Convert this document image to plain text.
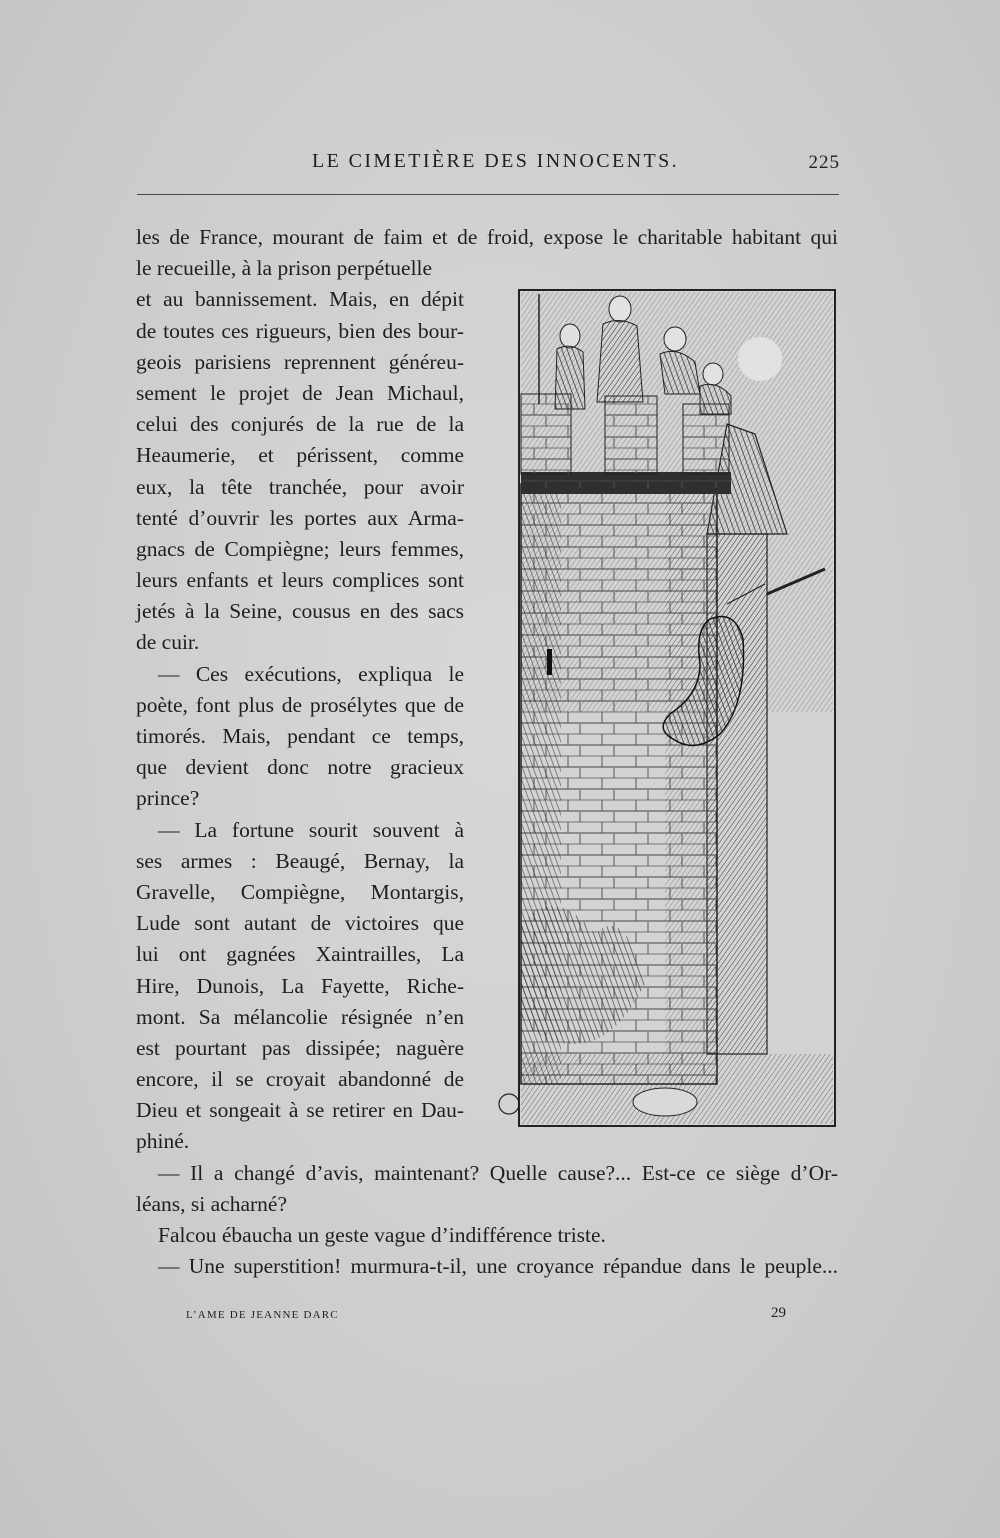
LE CIMETIÈRE DES INNOCENTS.	225
les de France, mourant de faim et de froid, expose le charitable habitant qui
le recueille, à la prison perpétuelle
et au bannissement. Mais, en dépit
de toutes ces rigueurs, bien des bour-
geois parisiens reprennent généreu-
sement le projet de Jean Michaul,
celui des conjurés de la rue de la
Heaumerie, et périssent, comme
eux, la tête tranchée, pour avoir
tenté d’ouvrir les portes aux Arma-
gnacs de Compiègne; leurs femmes,
leurs enfants et leurs complices sont
jetés à la Seine, cousus en des sacs
de cuir.
— Ces exécutions, expliqua le
poète, font plus de prosélytes que de
timorés. Mais, pendant ce temps,
que devient donc notre gracieux
prince?
— La fortune sourit souvent à
ses armes : Beaugé, Bernay, la
Gravelle, Compiègne, Montargis,
Lude sont autant de victoires que
lui ont gagnées Xaintrailles, La
Hire, Dunois, La Fayette, Riche-
mont. Sa mélancolie résignée n’en
est pourtant pas dissipée; naguère
encore, il se croyait abandonné de
Dieu et songeait à se retirer en Dau-
phiné.
— Il a changé d’avis, maintenant? Quelle cause?... Est-ce ce siège d’Or-
léans, si acharné?
Falcou ébaucha un geste vague d’indifférence triste.
— Une superstition! murmura-t-il, une croyance répandue dans le peuple...
L’AME DE JEANNE DARC	29
